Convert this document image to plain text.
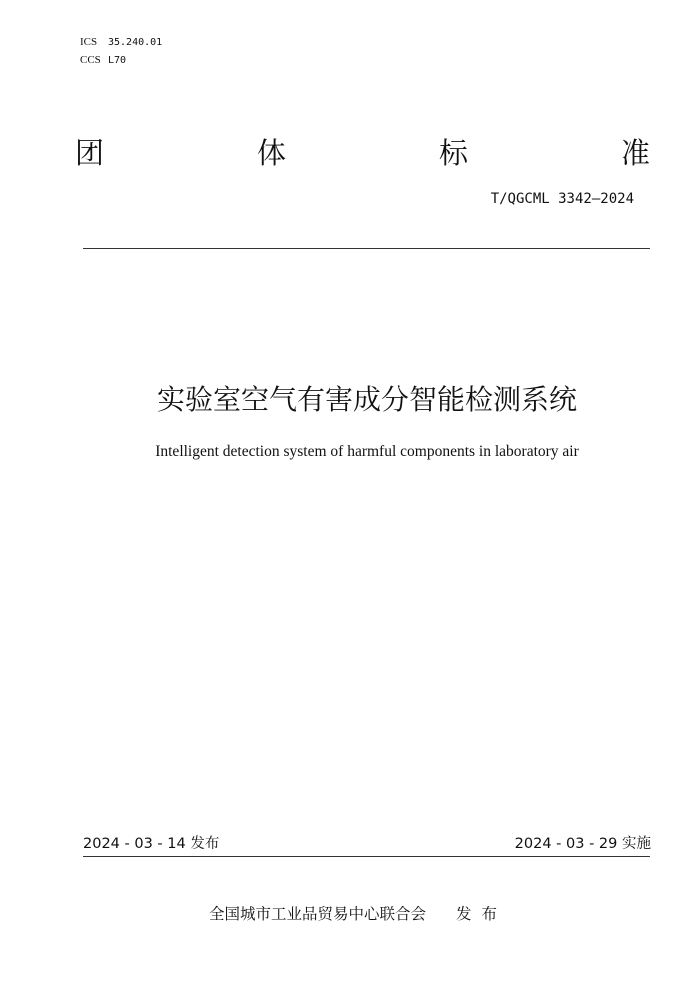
ICS 35.240.01
CCS L70
团	体	标	准
T/QGCML 3342—2024
实验室空气有害成分智能检测系统
Intelligent detection system of harmful components in laboratory air
2024 - 03 - 14 发布	2024 - 03 - 29 实施
全国城市工业品贸易中心联合会 发布
